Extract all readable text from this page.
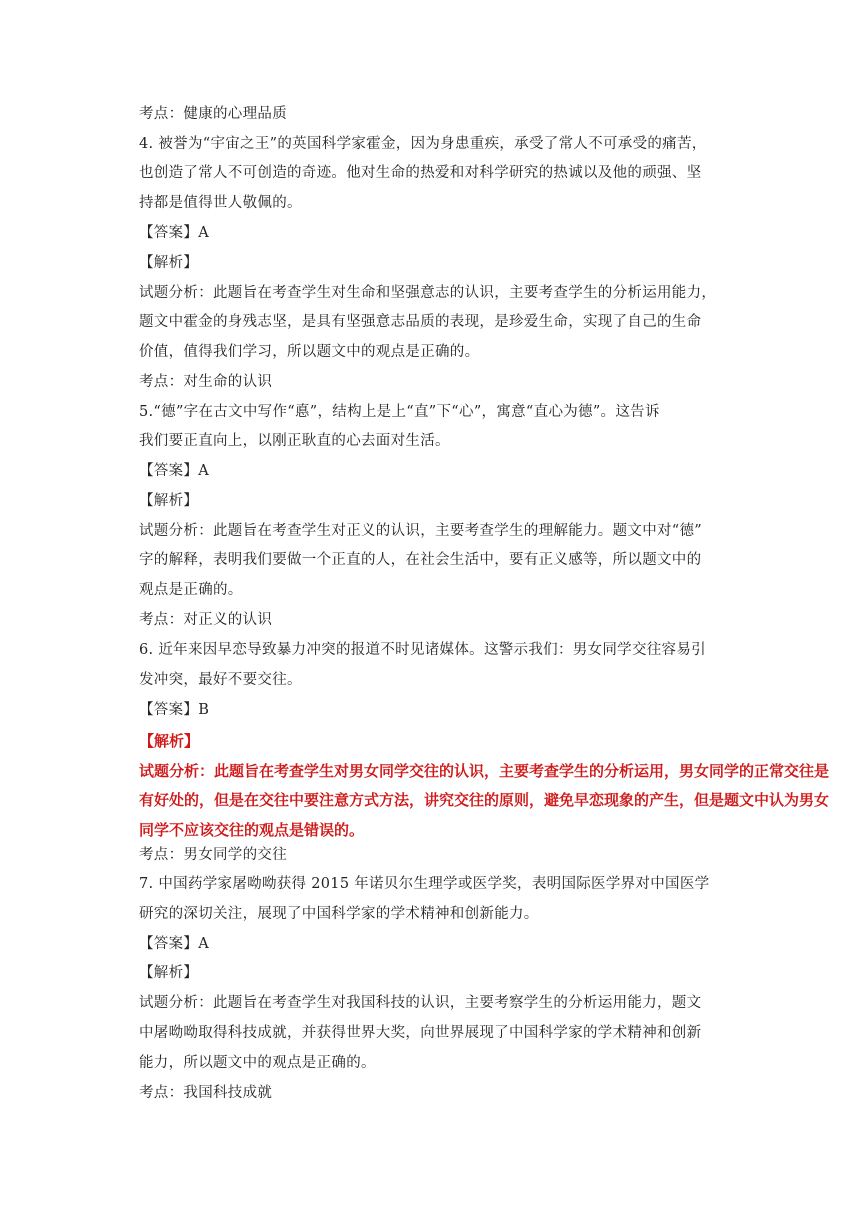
考点：健康的心理品质
4. 被誉为“宇宙之王”的英国科学家霍金，因为身患重疾，承受了常人不可承受的痛苦，
也创造了常人不可创造的奇迹。他对生命的热爱和对科学研究的热诚以及他的顽强、坚
持都是值得世人敬佩的。
【答案】A
【解析】
试题分析：此题旨在考查学生对生命和坚强意志的认识，主要考查学生的分析运用能力，
题文中霍金的身残志坚，是具有坚强意志品质的表现，是珍爱生命，实现了自己的生命
价值，值得我们学习，所以题文中的观点是正确的。
考点：对生命的认识
5.“德”字在古文中写作“悳”，结构上是上“直”下“心”，寓意“直心为德”。这告诉
我们要正直向上，以刚正耿直的心去面对生活。
【答案】A
【解析】
试题分析：此题旨在考查学生对正义的认识，主要考查学生的理解能力。题文中对“德”
字的解释，表明我们要做一个正直的人，在社会生活中，要有正义感等，所以题文中的
观点是正确的。
考点：对正义的认识
6. 近年来因早恋导致暴力冲突的报道不时见诸媒体。这警示我们：男女同学交往容易引
发冲突，最好不要交往。
【答案】B
【解析】
试题分析：此题旨在考查学生对男女同学交往的认识，主要考查学生的分析运用，男女同学的正常交往是
有好处的，但是在交往中要注意方式方法，讲究交往的原则，避免早恋现象的产生，但是题文中认为男女
同学不应该交往的观点是错误的。
考点：男女同学的交往
7. 中国药学家屠呦呦获得 2015 年诺贝尔生理学或医学奖，表明国际医学界对中国医学
研究的深切关注，展现了中国科学家的学术精神和创新能力。
【答案】A
【解析】
试题分析：此题旨在考查学生对我国科技的认识，主要考察学生的分析运用能力，题文
中屠呦呦取得科技成就，并获得世界大奖，向世界展现了中国科学家的学术精神和创新
能力，所以题文中的观点是正确的。
考点：我国科技成就
